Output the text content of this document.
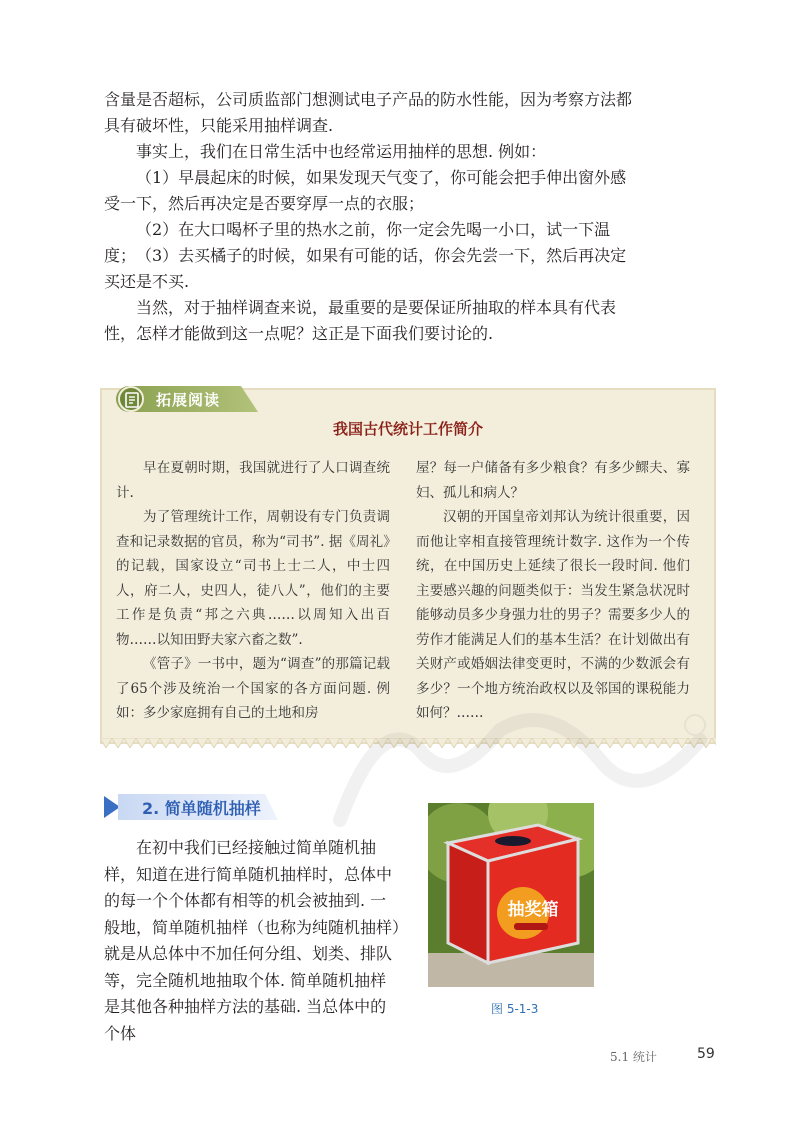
含量是否超标，公司质监部门想测试电子产品的防水性能，因为考察方法都具有破坏性，只能采用抽样调查.

事实上，我们在日常生活中也经常运用抽样的思想. 例如：

（1）早晨起床的时候，如果发现天气变了，你可能会把手伸出窗外感受一下，然后再决定是否要穿厚一点的衣服；

（2）在大口喝杯子里的热水之前，你一定会先喝一小口，试一下温度； （3）去买橘子的时候，如果有可能的话，你会先尝一下，然后再决定买还是不买.

当然，对于抽样调查来说，最重要的是要保证所抽取的样本具有代表性，怎样才能做到这一点呢？这正是下面我们要讨论的.

拓展阅读
我国古代统计工作简介

早在夏朝时期，我国就进行了人口调查统计.

为了管理统计工作，周朝设有专门负责调查和记录数据的官员，称为“司书”. 据《周礼》的记载，国家设立“司书上士二人，中士四人，府二人，史四人，徒八人”，他们的主要工作是负责“邦之六典……以周知入出百物……以知田野夫家六畜之数”.

《管子》一书中，题为“调查”的那篇记载了65个涉及统治一个国家的各方面问题. 例如：多少家庭拥有自己的土地和房

屋？每一户储备有多少粮食？有多少鳏夫、寡妇、孤儿和病人？

汉朝的开国皇帝刘邦认为统计很重要，因而他让宰相直接管理统计数字. 这作为一个传统，在中国历史上延续了很长一段时间. 他们主要感兴趣的问题类似于：当发生紧急状况时能够动员多少身强力壮的男子？需要多少人的劳作才能满足人们的基本生活？在计划做出有关财产或婚姻法律变更时，不满的少数派会有多少？一个地方统治政权以及邻国的课税能力如何？……

2. 简单随机抽样

在初中我们已经接触过简单随机抽样，知道在进行简单随机抽样时，总体中的每一个个体都有相等的机会被抽到. 一般地，简单随机抽样（也称为纯随机抽样）就是从总体中不加任何分组、划类、排队等，完全随机地抽取个体. 简单随机抽样是其他各种抽样方法的基础. 当总体中的个体

抽奖箱
图 5-1-3
5.1 统计	59
